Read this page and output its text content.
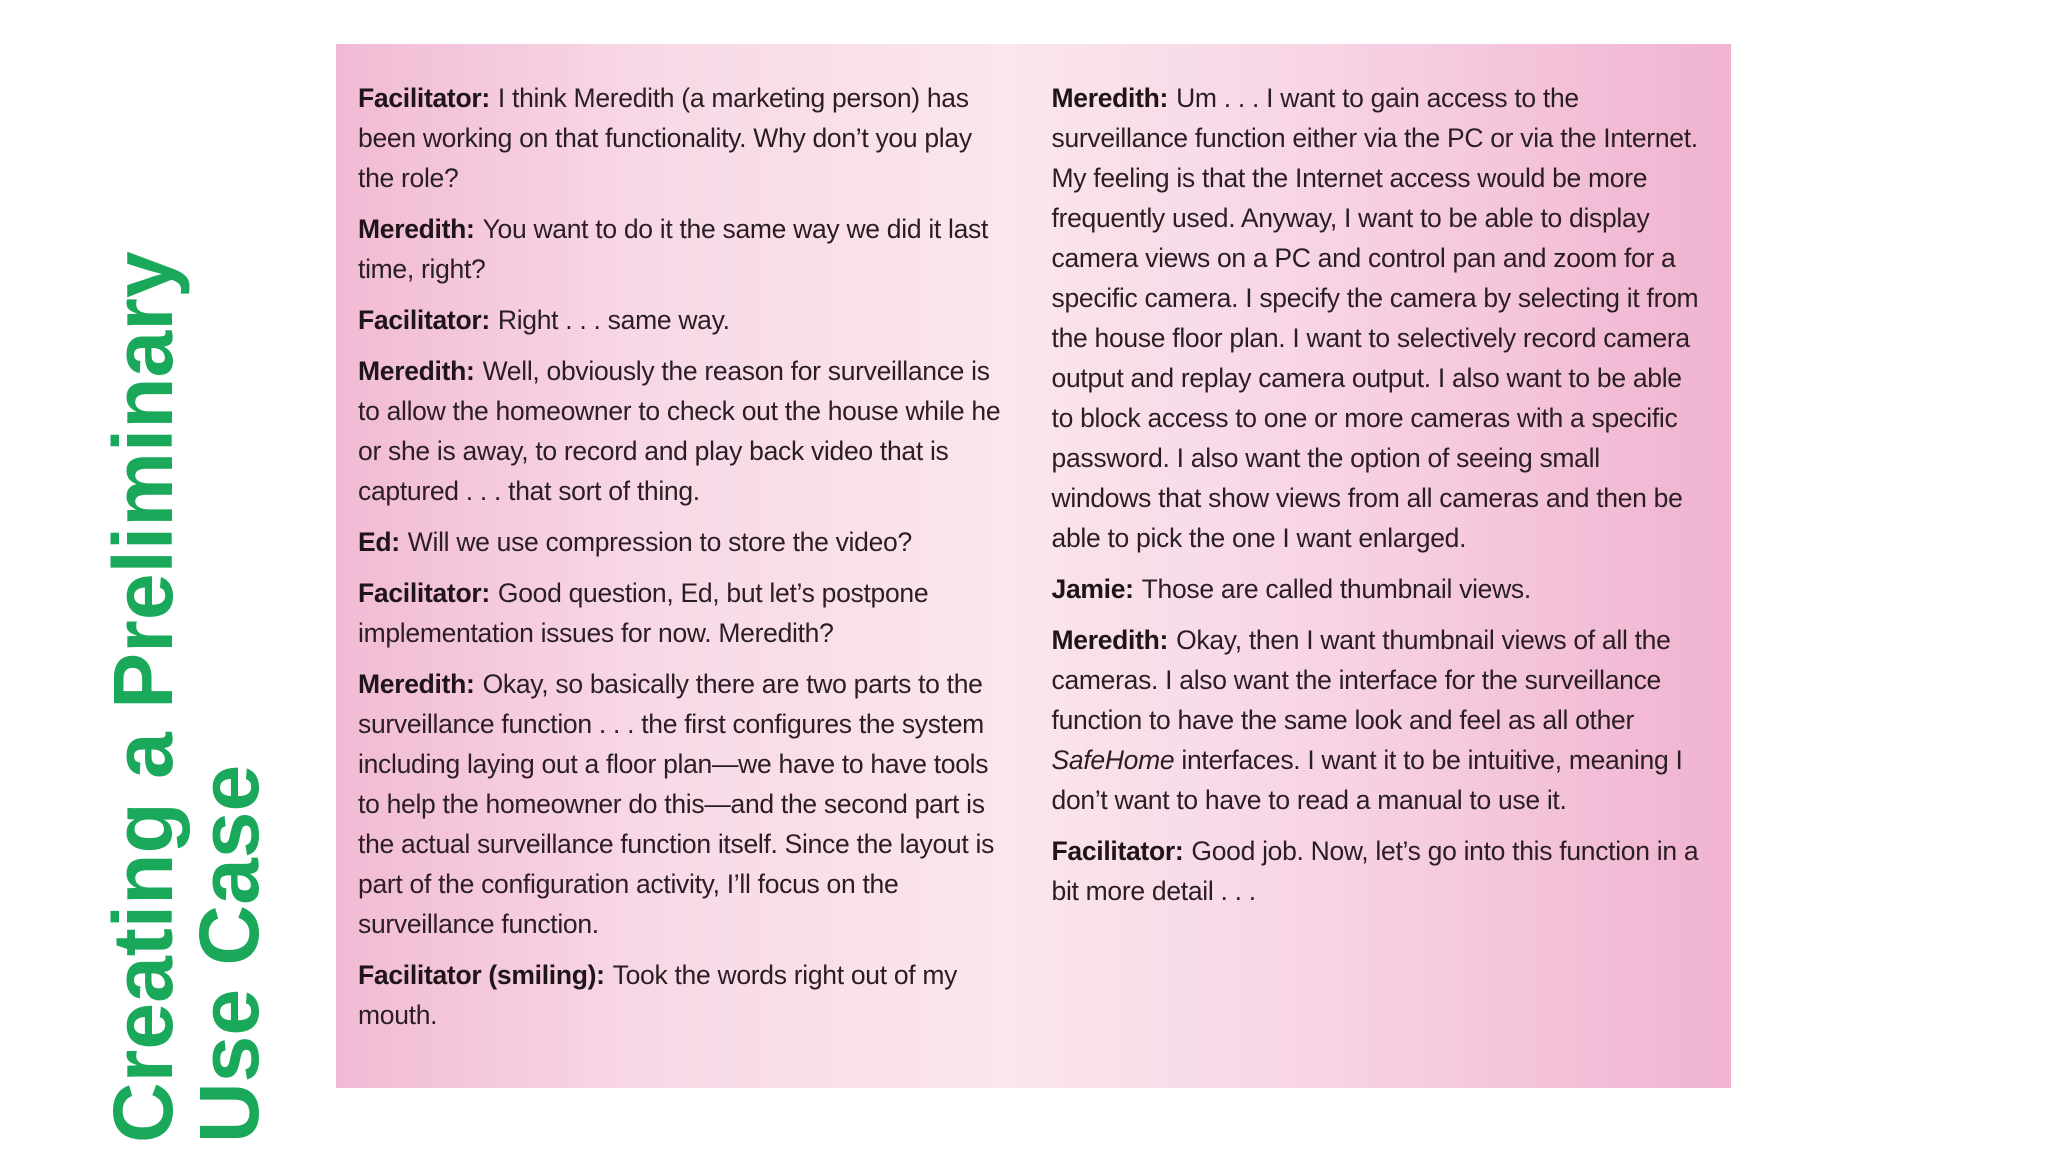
Creating a Preliminary
Use Case

Facilitator: I think Meredith (a marketing person) has been working on that functionality. Why don’t you play the role?

Meredith: You want to do it the same way we did it last time, right?

Facilitator: Right . . . same way.

Meredith: Well, obviously the reason for surveillance is to allow the homeowner to check out the house while he or she is away, to record and play back video that is captured . . . that sort of thing.

Ed: Will we use compression to store the video?

Facilitator: Good question, Ed, but let’s postpone implementation issues for now. Meredith?

Meredith: Okay, so basically there are two parts to the surveillance function . . . the first configures the system including laying out a floor plan—we have to have tools to help the homeowner do this—and the second part is the actual surveillance function itself. Since the layout is part of the configuration activity, I’ll focus on the surveillance function.

Facilitator (smiling): Took the words right out of my mouth.

Meredith: Um . . . I want to gain access to the surveillance function either via the PC or via the Internet. My feeling is that the Internet access would be more frequently used. Anyway, I want to be able to display camera views on a PC and control pan and zoom for a specific camera. I specify the camera by selecting it from the house floor plan. I want to selectively record camera output and replay camera output. I also want to be able to block access to one or more cameras with a specific password. I also want the option of seeing small windows that show views from all cameras and then be able to pick the one I want enlarged.

Jamie: Those are called thumbnail views.

Meredith: Okay, then I want thumbnail views of all the cameras. I also want the interface for the surveillance function to have the same look and feel as all other SafeHome interfaces. I want it to be intuitive, meaning I don’t want to have to read a manual to use it.

Facilitator: Good job. Now, let’s go into this function in a bit more detail . . .
